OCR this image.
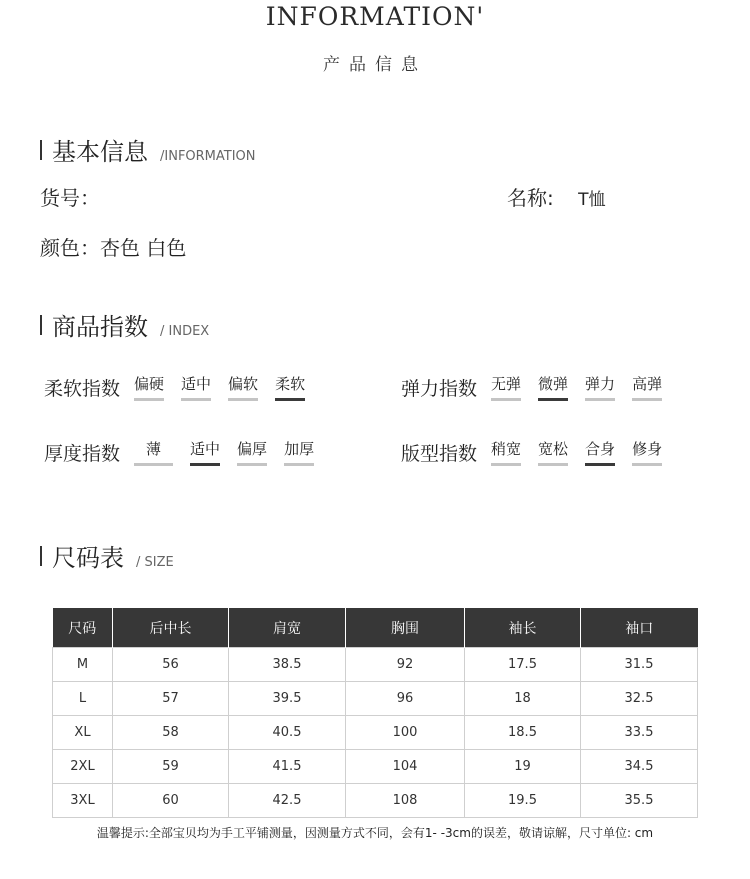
INFORMATION'
产品信息
基本信息 /INFORMATION
货号：	名称: T恤
颜色：杏色 白色
商品指数 / INDEX
柔软指数 偏硬 适中 偏软 柔软	弹力指数 无弹 微弹 弹力 高弹
厚度指数	薄	适中 偏厚 加厚	版型指数 稍宽 宽松 合身 修身
尺码表 / SIZE
尺码	后中长	肩宽	胸围	袖长	袖口
M	56	38.5	92	17.5	31.5
L	57	39.5	96	18	32.5
XL	58	40.5	100	18.5	33.5
2XL	59	41.5	104	19	34.5
3XL	60	42.5	108	19.5	35.5
温馨提示:全部宝贝均为手工平铺测量，因测量方式不同，会有1- -3cm的误差，敬请谅解，尺寸单位: cm
